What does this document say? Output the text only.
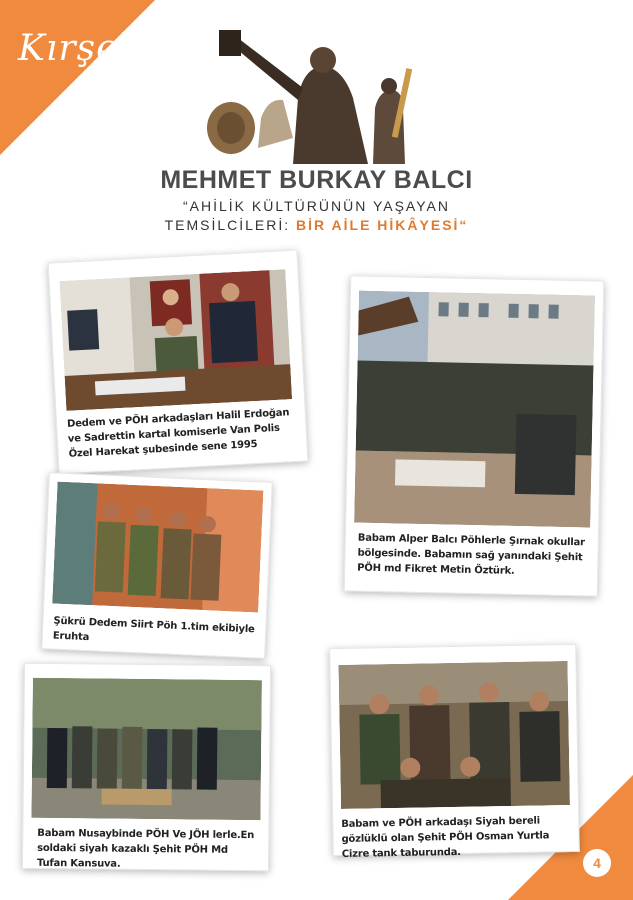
Kırşehir
MEHMET BURKAY BALCI
“AHİLİK KÜLTÜRÜNÜN YAŞAYAN
TEMSİLCİLERİ: BİR AİLE HİKÂYESİ“
Dedem ve PÖH arkadaşları Halil Erdoğan ve Sadrettin kartal komiserle Van Polis Özel Harekat şubesinde sene 1995
Babam Alper Balcı Pöhlerle Şırnak okullar bölgesinde. Babamın sağ yanındaki Şehit PÖH md Fikret Metin Öztürk.
Şükrü Dedem Siirt Pöh 1.tim ekibiyle Eruhta
Babam Nusaybinde PÖH Ve JÖH lerle.En soldaki siyah kazaklı Şehit PÖH Md Tufan Kansuva.
Babam ve PÖH arkadaşı Siyah bereli gözlüklü olan Şehit PÖH Osman Yurtla Cizre tank taburunda.
4
